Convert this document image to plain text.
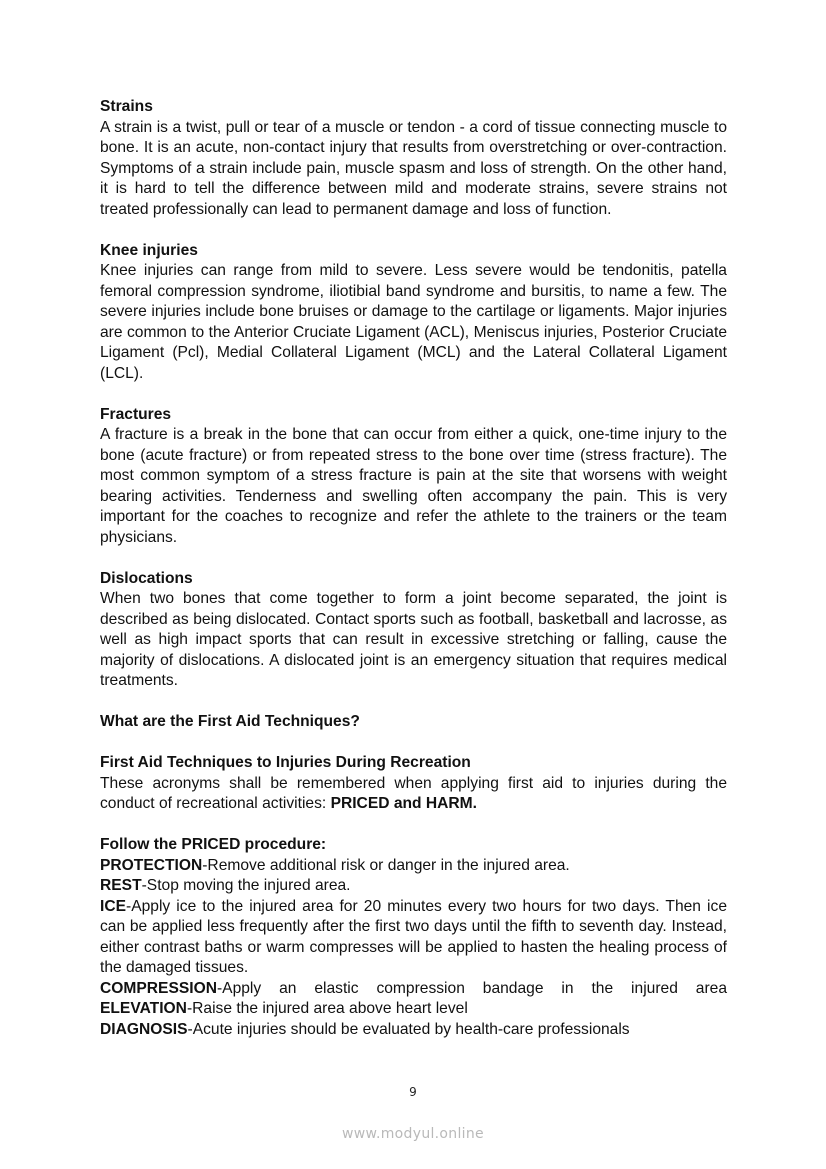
Strains

A strain is a twist, pull or tear of a muscle or tendon - a cord of tissue connecting muscle to bone. It is an acute, non-contact injury that results from overstretching or over-contraction. Symptoms of a strain include pain, muscle spasm and loss of strength. On the other hand, it is hard to tell the difference between mild and moderate strains, severe strains not treated professionally can lead to permanent damage and loss of function.

Knee injuries

Knee injuries can range from mild to severe. Less severe would be tendonitis, patella femoral compression syndrome, iliotibial band syndrome and bursitis, to name a few. The severe injuries include bone bruises or damage to the cartilage or ligaments. Major injuries are common to the Anterior Cruciate Ligament (ACL), Meniscus injuries, Posterior Cruciate Ligament (Pcl), Medial Collateral Ligament (MCL) and the Lateral Collateral Ligament (LCL).

Fractures

A fracture is a break in the bone that can occur from either a quick, one-time injury to the bone (acute fracture) or from repeated stress to the bone over time (stress fracture). The most common symptom of a stress fracture is pain at the site that worsens with weight bearing activities. Tenderness and swelling often accompany the pain. This is very important for the coaches to recognize and refer the athlete to the trainers or the team physicians.

Dislocations

When two bones that come together to form a joint become separated, the joint is described as being dislocated. Contact sports such as football, basketball and lacrosse, as well as high impact sports that can result in excessive stretching or falling, cause the majority of dislocations. A dislocated joint is an emergency situation that requires medical treatments.

What are the First Aid Techniques?

First Aid Techniques to Injuries During Recreation

These acronyms shall be remembered when applying first aid to injuries during the conduct of recreational activities: PRICED and HARM.

Follow the PRICED procedure:

PROTECTION-Remove additional risk or danger in the injured area.

REST-Stop moving the injured area.

ICE-Apply ice to the injured area for 20 minutes every two hours for two days. Then ice can be applied less frequently after the first two days until the fifth to seventh day. Instead, either contrast baths or warm compresses will be applied to hasten the healing process of the damaged tissues.

COMPRESSION-Apply an elastic compression bandage in the injured area

ELEVATION-Raise the injured area above heart level

DIAGNOSIS-Acute injuries should be evaluated by health-care professionals

9
www.modyul.online
